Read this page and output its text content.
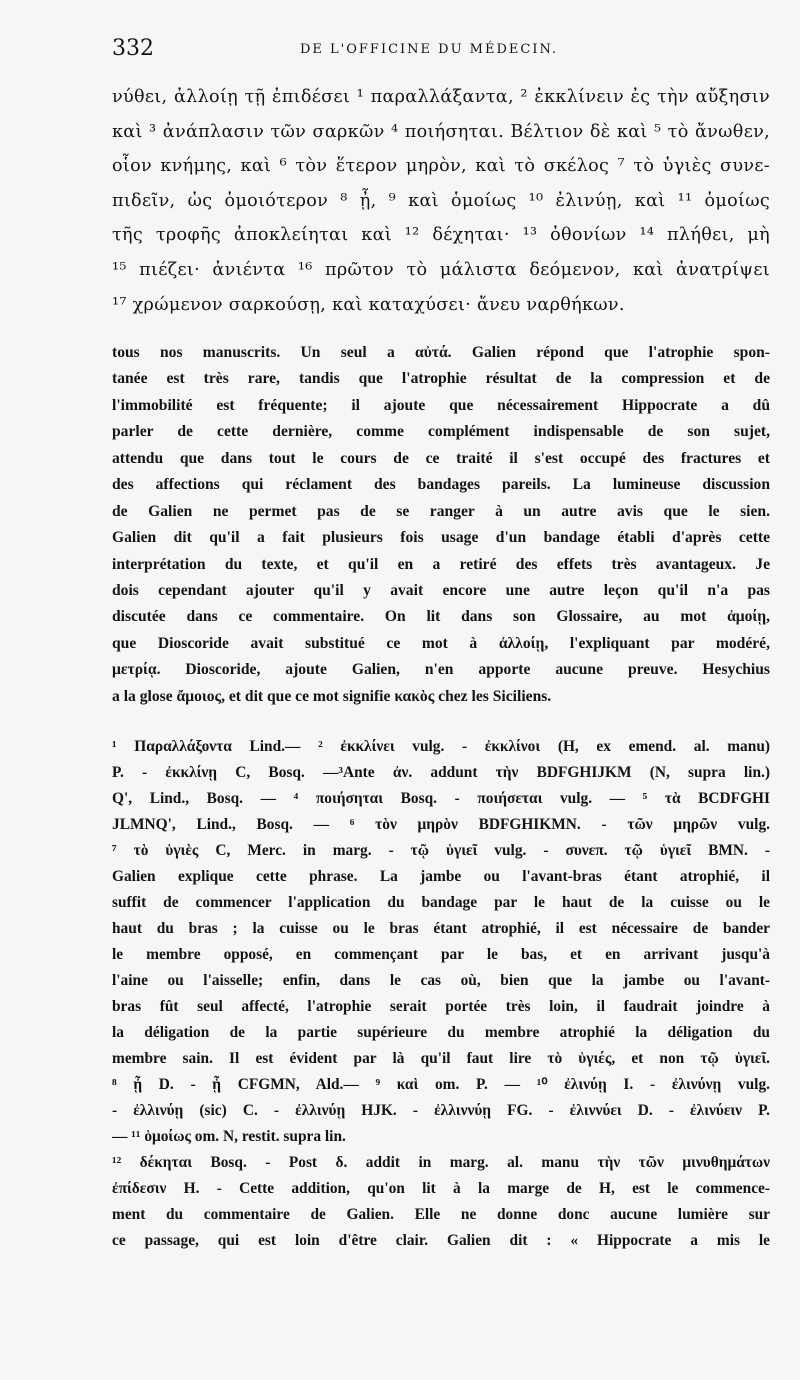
332	DE L'OFFICINE DU MÉDECIN.
νύθει, ἀλλοίῃ τῇ ἐπιδέσει ¹ παραλλάξαντα, ² ἐκκλίνειν ἐς τὴν αὔξησιν
καὶ ³ ἀνάπλασιν τῶν σαρκῶν ⁴ ποιήσηται. Βέλτιον δὲ καὶ ⁵ τὸ ἄνωθεν,
οἷον κνήμης, καὶ ⁶ τὸν ἕτερον μηρὸν, καὶ τὸ σκέλος ⁷ τὸ ὑγιὲς συνε-
πιδεῖν, ὡς ὁμοιότερον ⁸ ᾖ, ⁹ καὶ ὁμοίως ¹⁰ ἐλινύῃ, καὶ ¹¹ ὁμοίως
τῆς τροφῆς ἀποκλείηται καὶ ¹² δέχηται· ¹³ ὀθονίων ¹⁴ πλήθει, μὴ
¹⁵ πιέζει· ἀνιέντα ¹⁶ πρῶτον τὸ μάλιστα δεόμενον, καὶ ἀνατρίψει
¹⁷ χρώμενον σαρκούσῃ, καὶ καταχύσει· ἄνευ ναρθήκων.
tous nos manuscrits. Un seul a αὐτά. Galien répond que l'atrophie spon-
tanée est très rare, tandis que l'atrophie résultat de la compression et de
l'immobilité est fréquente; il ajoute que nécessairement Hippocrate a dû
parler de cette dernière, comme complément indispensable de son sujet,
attendu que dans tout le cours de ce traité il s'est occupé des fractures et
des affections qui réclament des bandages pareils. La lumineuse discussion
de Galien ne permet pas de se ranger à un autre avis que le sien.
Galien dit qu'il a fait plusieurs fois usage d'un bandage établi d'après cette
interprétation du texte, et qu'il en a retiré des effets très avantageux. Je
dois cependant ajouter qu'il y avait encore une autre leçon qu'il n'a pas
discutée dans ce commentaire. On lit dans son Glossaire, au mot ἀμοίῃ,
que Dioscoride avait substitué ce mot à ἀλλοίῃ, l'expliquant par modéré,
μετρίᾳ. Dioscoride, ajoute Galien, n'en apporte aucune preuve. Hesychius
a la glose ἄμοιος, et dit que ce mot signifie κακὸς chez les Siciliens.
¹ Παραλλάξοντα Lind.— ² ἐκκλίνει vulg. - ἐκκλίνοι (H, ex emend. al. manu)
P. - ἐκκλίνῃ C, Bosq. —³Ante ἀν. addunt τὴν BDFGHIJKM (N, supra lin.)
Q', Lind., Bosq. — ⁴ ποιήσηται Bosq. - ποιήσεται vulg. — ⁵ τὰ BCDFGHI
JLMNQ', Lind., Bosq. — ⁶ τὸν μηρὸν BDFGHIKMN. - τῶν μηρῶν vulg.
⁷ τὸ ὑγιὲς C, Merc. in marg. - τῷ ὑγιεῖ vulg. - συνεπ. τῷ ὑγιεῖ BMN. -
Galien explique cette phrase. La jambe ou l'avant-bras étant atrophié, il
suffit de commencer l'application du bandage par le haut de la cuisse ou le
haut du bras ; la cuisse ou le bras étant atrophié, il est nécessaire de bander
le membre opposé, en commençant par le bas, et en arrivant jusqu'à
l'aine ou l'aisselle; enfin, dans le cas où, bien que la jambe ou l'avant-
bras fût seul affecté, l'atrophie serait portée très loin, il faudrait joindre à
la déligation de la partie supérieure du membre atrophié la déligation du
membre sain. Il est évident par là qu'il faut lire τὸ ὑγιές, et non τῷ ὑγιεῖ.
⁸ ᾖ D. - ᾗ CFGMN, Ald.— ⁹ καὶ om. P. — ¹⁰ ἐλινύῃ I. - ἐλινύνῃ vulg.
- ἐλλινύῃ (sic) C. - ἐλλινύῃ HJK. - ἐλλιννύῃ FG. - ἐλιννύει D. - ἐλινύειν P.
— ¹¹ ὁμοίως om. N, restit. supra lin.
¹² δέκηται Bosq. - Post δ. addit in marg. al. manu τὴν τῶν μινυθημάτων
ἐπίδεσιν H. - Cette addition, qu'on lit à la marge de H, est le commence-
ment du commentaire de Galien. Elle ne donne donc aucune lumière sur
ce passage, qui est loin d'être clair. Galien dit : « Hippocrate a mis le
